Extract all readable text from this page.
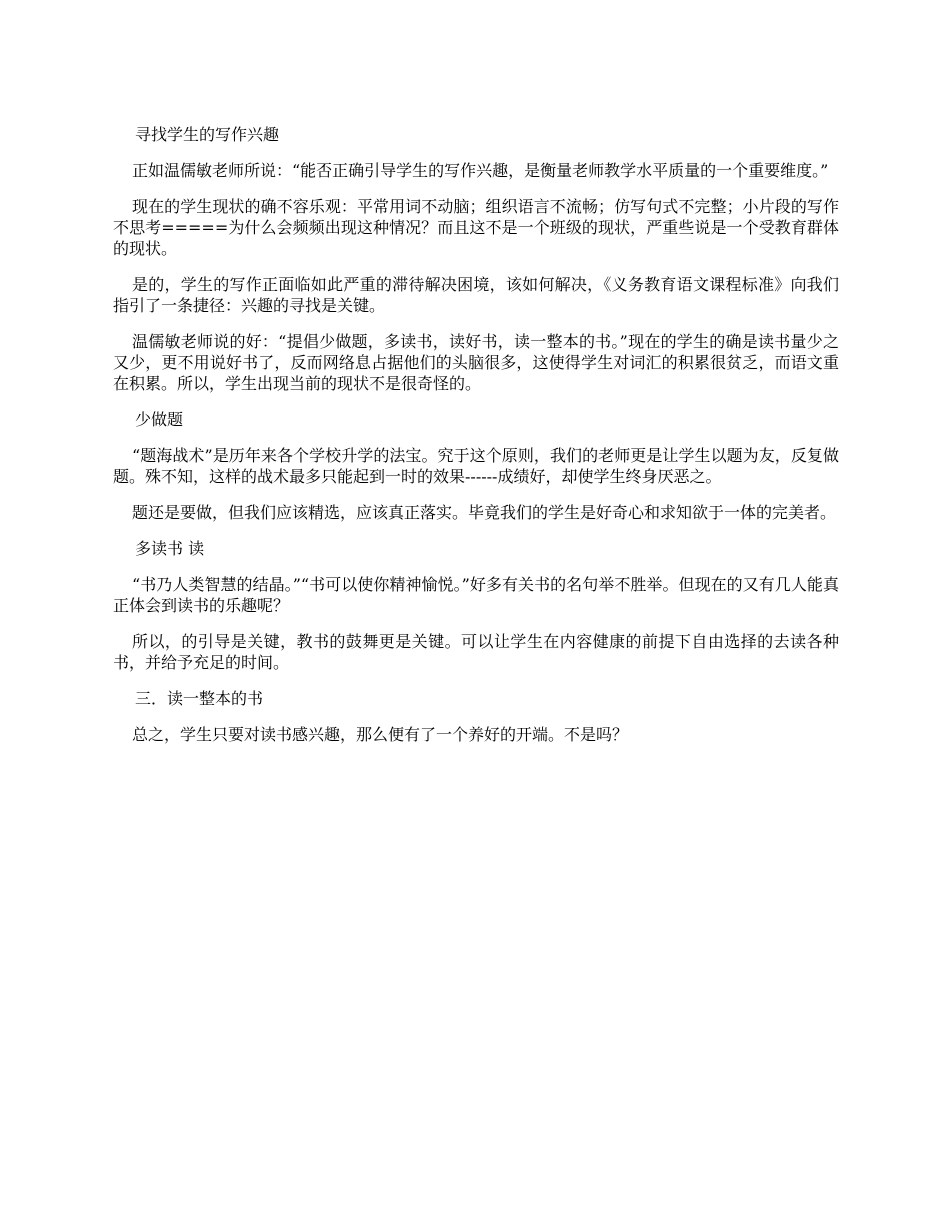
寻找学生的写作兴趣

正如温儒敏老师所说：“能否正确引导学生的写作兴趣，是衡量老师教学水平质量的一个重要维度。”

现在的学生现状的确不容乐观：平常用词不动脑；组织语言不流畅；仿写句式不完整；小片段的写作不思考=====为什么会频频出现这种情况？而且这不是一个班级的现状，严重些说是一个受教育群体的现状。

是的，学生的写作正面临如此严重的滞待解决困境，该如何解决，《义务教育语文课程标准》向我们指引了一条捷径：兴趣的寻找是关键。

温儒敏老师说的好：“提倡少做题，多读书，读好书，读一整本的书。”现在的学生的确是读书量少之又少，更不用说好书了，反而网络息占据他们的头脑很多，这使得学生对词汇的积累很贫乏，而语文重在积累。所以，学生出现当前的现状不是很奇怪的。

少做题

“题海战术”是历年来各个学校升学的法宝。究于这个原则，我们的老师更是让学生以题为友，反复做题。殊不知，这样的战术最多只能起到一时的效果------成绩好，却使学生终身厌恶之。

题还是要做，但我们应该精选，应该真正落实。毕竟我们的学生是好奇心和求知欲于一体的完美者。

多读书 读

“书乃人类智慧的结晶。”“书可以使你精神愉悦。”好多有关书的名句举不胜举。但现在的又有几人能真正体会到读书的乐趣呢？

所以，的引导是关键，教书的鼓舞更是关键。可以让学生在内容健康的前提下自由选择的去读各种书，并给予充足的时间。

三．读一整本的书

总之，学生只要对读书感兴趣，那么便有了一个养好的开端。不是吗？
